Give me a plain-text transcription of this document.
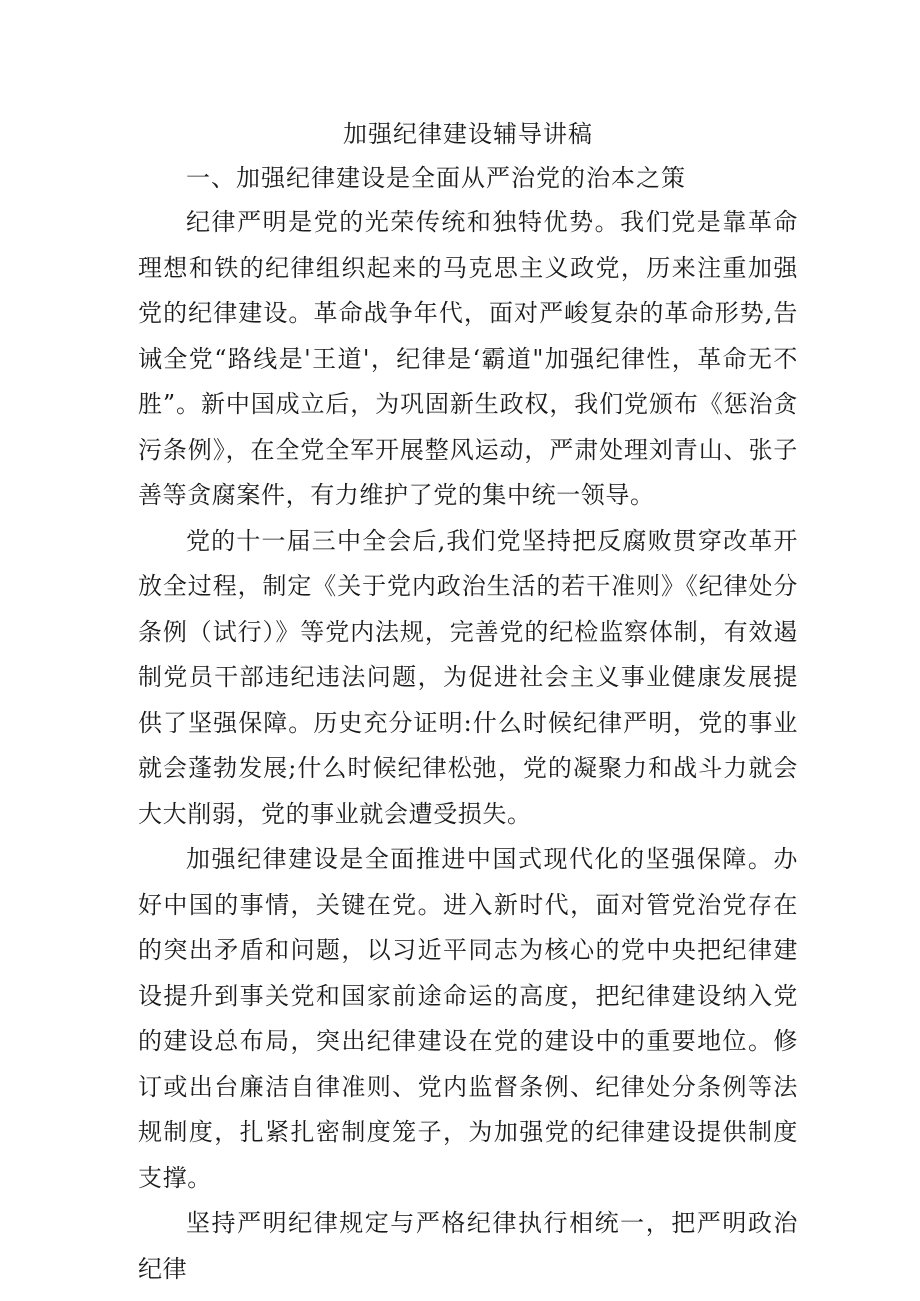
加强纪律建设辅导讲稿
一、加强纪律建设是全面从严治党的治本之策

纪律严明是党的光荣传统和独特优势。我们党是靠革命理想和铁的纪律组织起来的马克思主义政党，历来注重加强党的纪律建设。革命战争年代，面对严峻复杂的革命形势,告诫全党“路线是'王道'，纪律是‘霸道"加强纪律性，革命无不胜”。新中国成立后，为巩固新生政权，我们党颁布《惩治贪污条例》，在全党全军开展整风运动，严肃处理刘青山、张子善等贪腐案件，有力维护了党的集中统一领导。

党的十一届三中全会后,我们党坚持把反腐败贯穿改革开放全过程，制定《关于党内政治生活的若干准则》《纪律处分条例（试行）》等党内法规，完善党的纪检监察体制，有效遏制党员干部违纪违法问题，为促进社会主义事业健康发展提供了坚强保障。历史充分证明:什么时候纪律严明，党的事业就会蓬勃发展;什么时候纪律松弛，党的凝聚力和战斗力就会大大削弱，党的事业就会遭受损失。

加强纪律建设是全面推进中国式现代化的坚强保障。办好中国的事情，关键在党。进入新时代，面对管党治党存在的突出矛盾和问题，以习近平同志为核心的党中央把纪律建设提升到事关党和国家前途命运的高度，把纪律建设纳入党的建设总布局，突出纪律建设在党的建设中的重要地位。修订或出台廉洁自律准则、党内监督条例、纪律处分条例等法规制度，扎紧扎密制度笼子，为加强党的纪律建设提供制度支撑。

坚持严明纪律规定与严格纪律执行相统一，把严明政治纪律
